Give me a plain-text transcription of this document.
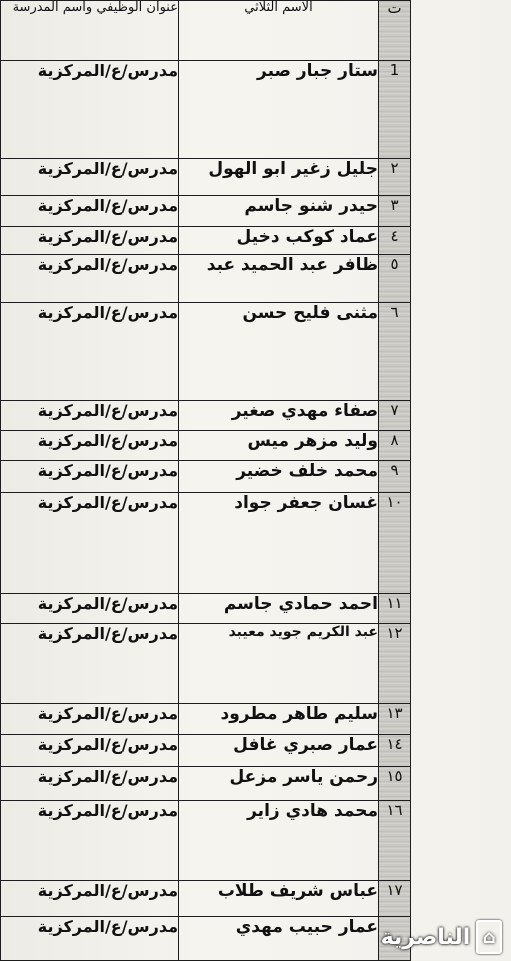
ت	الاسم الثلاثي	عنوان الوظيفي واسم المدرسة
1	ستار جبار صبر	مدرس/ع/المركزية
٢	جليل زغير ابو الهول	مدرس/ع/المركزية
٣	حيدر شنو جاسم	مدرس/ع/المركزية
٤	عماد كوكب دخيل	مدرس/ع/المركزية
٥	ظافر عبد الحميد عبد	مدرس/ع/المركزية
٦	مثنى فليح حسن	مدرس/ع/المركزية
٧	صفاء مهدي صغير	مدرس/ع/المركزية
٨	وليد مزهر ميس	مدرس/ع/المركزية
٩	محمد خلف خضير	مدرس/ع/المركزية
١٠	غسان جعفر جواد	مدرس/ع/المركزية
١١	احمد حمادي جاسم	مدرس/ع/المركزية
١٢	عبد الكريم جويد معيبد	مدرس/ع/المركزية
١٣	سليم طاهر مطرود	مدرس/ع/المركزية
١٤	عمار صبري غافل	مدرس/ع/المركزية
١٥	رحمن ياسر مزعل	مدرس/ع/المركزية
١٦	محمد هادي زاير	مدرس/ع/المركزية
١٧	عباس شريف طلاب	مدرس/ع/المركزية
	عمار حبيب مهدي	مدرس/ع/المركزية	الناصرية ⌂
